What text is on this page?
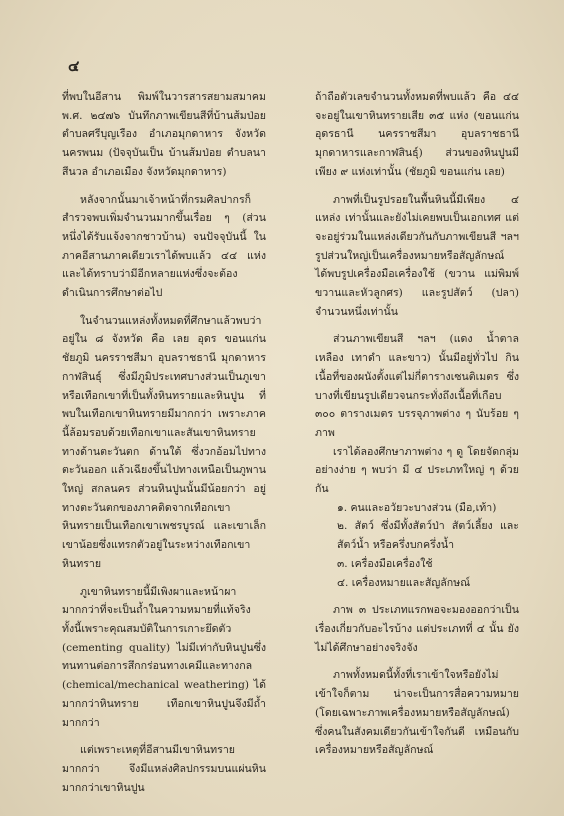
๔

ที่พบในอีสาน พิมพ์ในวารสารสยามสมาคม พ.ศ. ๒๔๗๖ บันทึกภาพเขียนสีที่บ้านส้มป่อย ตำบลศรีบุญเรือง อำเภอมุกดาหาร จังหวัดนครพนม (ปัจจุบันเป็น บ้านส้มป่อย ตำบลนาสีนวล อำเภอเมือง จังหวัดมุกดาหาร)

หลังจากนั้นมาเจ้าหน้าที่กรมศิลปากรก็สำรวจพบเพิ่มจำนวนมากขึ้นเรื่อย ๆ (ส่วนหนึ่งได้รับแจ้งจากชาวบ้าน) จนปัจจุบันนี้ ในภาคอีสานภาคเดียวเราได้พบแล้ว ๔๔ แห่งและได้ทราบว่ามีอีกหลายแห่งซึ่งจะต้องดำเนินการศึกษาต่อไป

ในจำนวนแหล่งทั้งหมดที่ศึกษาแล้วพบว่าอยู่ใน ๘ จังหวัด คือ เลย อุดร ขอนแก่น ชัยภูมิ นครราชสีมา อุบลราชธานี มุกดาหาร กาฬสินธุ์ ซึ่งมีภูมิประเทศบางส่วนเป็นภูเขาหรือเทือกเขาที่เป็นทั้งหินทรายและหินปูน ที่พบในเทือกเขาหินทรายมีมากกว่า เพราะภาคนี้ล้อมรอบด้วยเทือกเขาและสันเขาหินทรายทางด้านตะวันตก ด้านใต้ ซึ่งวกอ้อมไปทางตะวันออก แล้วเฉียงขึ้นไปทางเหนือเป็นภูพานใหญ่ สกลนคร ส่วนหินปูนนั้นมีน้อยกว่า อยู่ทางตะวันตกของภาคติดจากเทือกเขาหินทรายเป็นเทือกเขาเพชรบูรณ์ และเขาเล็กเขาน้อยซึ่งแทรกตัวอยู่ในระหว่างเทือกเขาหินทราย

ภูเขาหินทรายนี้มีเพิงผาและหน้าผา มากกว่าที่จะเป็นถ้ำในความหมายที่แท้จริง ทั้งนี้เพราะคุณสมบัติในการเกาะยึดตัว (cementing quality) ไม่มีเท่ากับหินปูนซึ่งทนทานต่อการสึกกร่อนทางเคมีและทางกล (chemical/mechanical weathering) ได้มากกว่าหินทราย เทือกเขาหินปูนจึงมีถ้ำมากกว่า

แต่เพราะเหตุที่อีสานมีเขาหินทรายมากกว่า จึงมีแหล่งศิลปกรรมบนแผ่นหินมากกว่าเขาหินปูน

ถ้าถือตัวเลขจำนวนทั้งหมดที่พบแล้ว คือ ๔๔ จะอยู่ในเขาหินทรายเสีย ๓๕ แห่ง (ขอนแก่น อุดรธานี นครราชสีมา อุบลราชธานี มุกดาหารและกาฬสินธุ์) ส่วนของหินปูนมีเพียง ๙ แห่งเท่านั้น (ชัยภูมิ ขอนแก่น เลย)

ภาพที่เป็นรูปรอยในพื้นหินนี้มีเพียง ๔ แหล่ง เท่านั้นและยังไม่เคยพบเป็นเอกเทศ แต่จะอยู่ร่วมในแหล่งเดียวกันกับภาพเขียนสี ฯลฯ รูปส่วนใหญ่เป็นเครื่องหมายหรือสัญลักษณ์ ได้พบรูปเครื่องมือเครื่องใช้ (ขวาน แม่พิมพ์ขวานและหัวลูกศร) และรูปสัตว์ (ปลา) จำนวนหนึ่งเท่านั้น

ส่วนภาพเขียนสี ฯลฯ (แดง น้ำตาล เหลือง เทาดำ และขาว) นั้นมีอยู่ทั่วไป กินเนื้อที่ของผนังตั้งแต่ไม่กี่ตารางเซนติเมตร ซึ่งบางที่เขียนรูปเดียวจนกระทั่งถึงเนื้อที่เกือบ ๓๐๐ ตารางเมตร บรรจุภาพต่าง ๆ นับร้อย ๆ ภาพ

เราได้ลองศึกษาภาพต่าง ๆ ดู โดยจัดกลุ่มอย่างง่าย ๆ พบว่า มี ๔ ประเภทใหญ่ ๆ ด้วยกัน

๑. คนและอวัยวะบางส่วน (มือ,เท้า)

๒. สัตว์ ซึ่งมีทั้งสัตว์ป่า สัตว์เลี้ยง และสัตว์น้ำ หรือครึ่งบกครึ่งน้ำ

๓. เครื่องมือเครื่องใช้

๔. เครื่องหมายและสัญลักษณ์

ภาพ ๓ ประเภทแรกพอจะมองออกว่าเป็นเรื่องเกี่ยวกับอะไรบ้าง แต่ประเภทที่ ๔ นั้น ยังไม่ได้ศึกษาอย่างจริงจัง

ภาพทั้งหมดนี้ทั้งที่เราเข้าใจหรือยังไม่เข้าใจก็ตาม น่าจะเป็นการสื่อความหมาย (โดยเฉพาะภาพเครื่องหมายหรือสัญลักษณ์) ซึ่งคนในสังคมเดียวกันเข้าใจกันดี เหมือนกับเครื่องหมายหรือสัญลักษณ์
